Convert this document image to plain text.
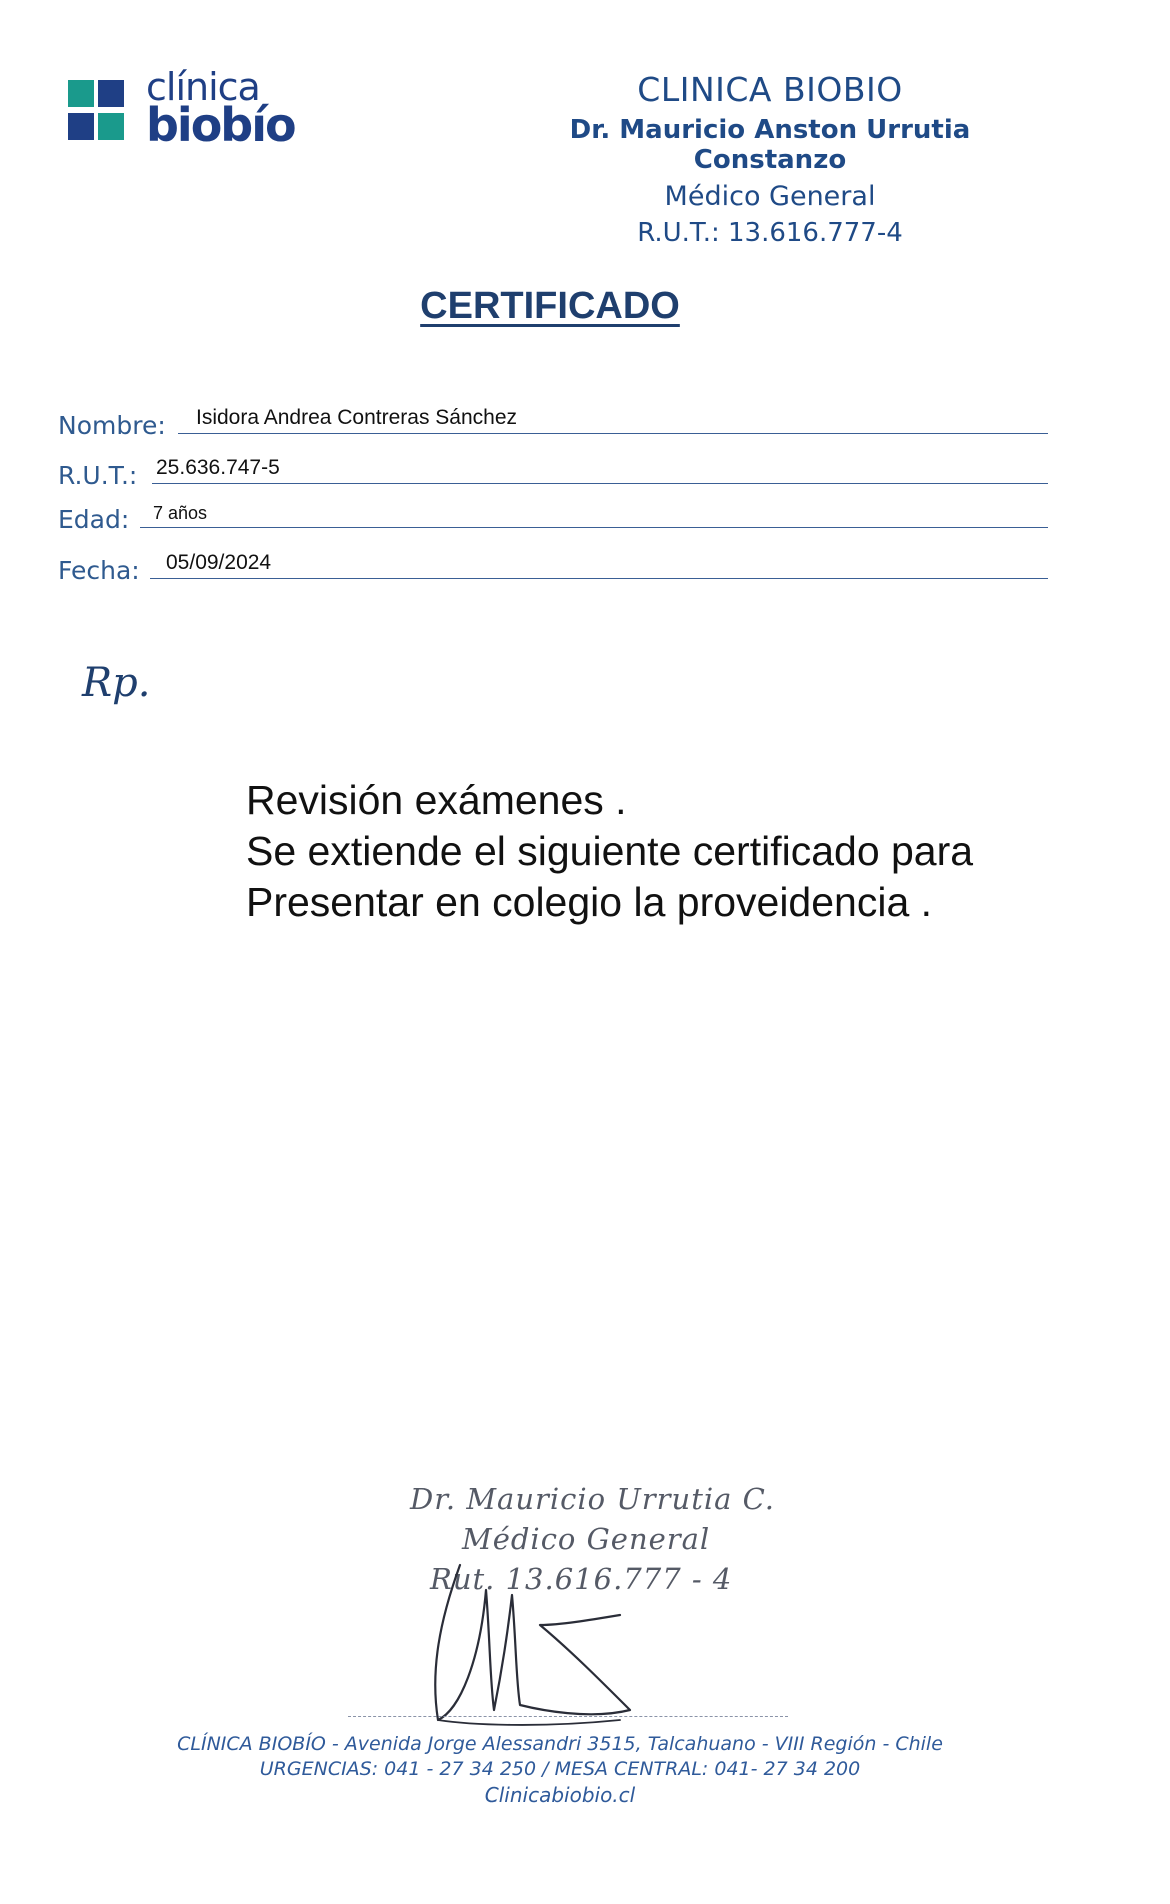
clínica
biobío
CLINICA BIOBIO
Dr. Mauricio Anston Urrutia Constanzo
Médico General
R.U.T.: 13.616.777-4
CERTIFICADO
Nombre: Isidora Andrea Contreras Sánchez
R.U.T.: 25.636.747-5
Edad: 7 años
Fecha: 05/09/2024
Rp.
Revisión exámenes .
Se extiende el siguiente certificado para
Presentar en colegio la proveidencia .
Dr. Mauricio Urrutia C.
Médico General
Rut. 13.616.777 - 4
CLÍNICA BIOBÍO - Avenida Jorge Alessandri 3515, Talcahuano - VIII Región - Chile
URGENCIAS: 041 - 27 34 250 / MESA CENTRAL: 041- 27 34 200
Clinicabiobio.cl
